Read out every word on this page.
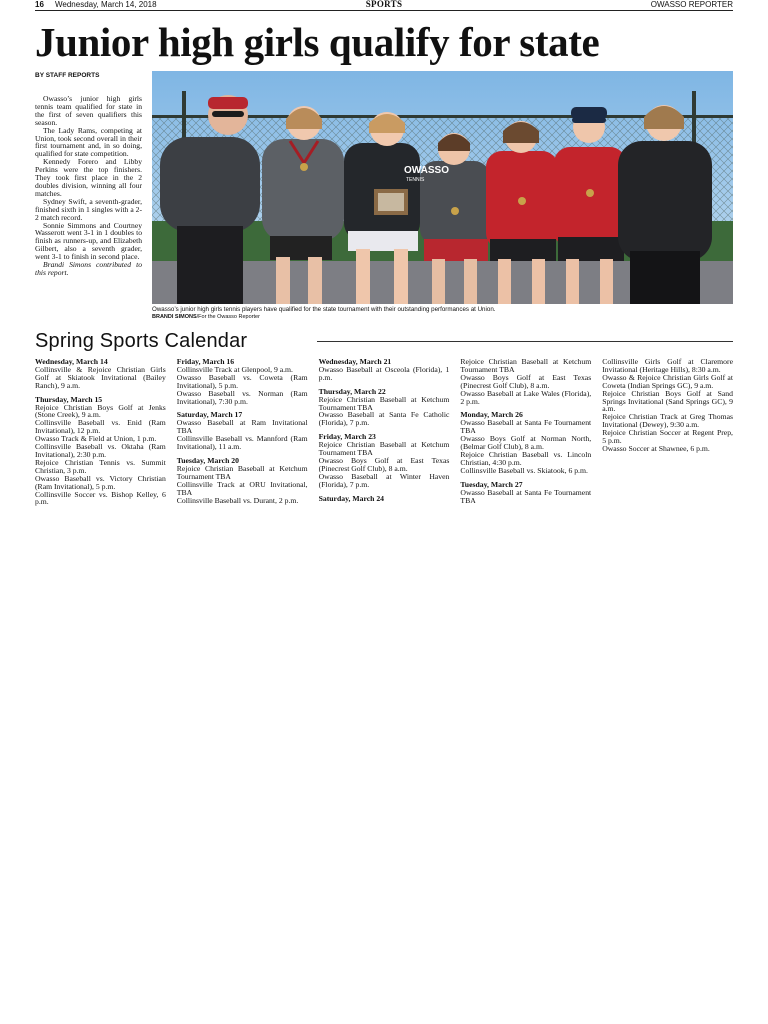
16 Wednesday, March 14, 2018	SPORTS	OWASSO REPORTER
Junior high girls qualify for state
BY STAFF REPORTS

Owasso’s junior high girls tennis team qualified for state in the first of seven qualifiers this season.

The Lady Rams, competing at Union, took second overall in their first tournament and, in so doing, qualified for state competition.

Kennedy Forero and Libby Perkins were the top finishers. They took first place in the 2 doubles division, winning all four matches.

Sydney Swift, a seventh-grader, finished sixth in 1 singles with a 2-2 match record.

Sonnie Simmons and Courtney Wasserott went 3-1 in 1 doubles to finish as runners-up, and Elizabeth Gilbert, also a seventh grader, went 3-1 to finish in second place.

Brandi Simons contributed to this report.

OWASSO
TENNIS
Owasso’s junior high girls tennis players have qualified for the state tournament with their outstanding performances at Union.
BRANDI SIMONS/For the Owasso Reporter
Spring Sports Calendar

Wednesday, March 14

Collinsville & Rejoice Christian Girls Golf at Skiatook Invitational (Bailey Ranch), 9 a.m.

Thursday, March 15

Rejoice Christian Boys Golf at Jenks (Stone Creek), 9 a.m.

Collinsville Baseball vs. Enid (Ram Invitational), 12 p.m.

Owasso Track & Field at Union, 1 p.m.

Collinsville Baseball vs. Oktaha (Ram Invitational), 2:30 p.m.

Rejoice Christian Tennis vs. Summit Christian, 3 p.m.

Owasso Baseball vs. Victory Christian (Ram Invitational), 5 p.m.

Collinsville Soccer vs. Bishop Kelley, 6 p.m.

Friday, March 16

Collinsville Track at Glenpool, 9 a.m.

Owasso Baseball vs. Coweta (Ram Invitational), 5 p.m.

Owasso Baseball vs. Norman (Ram Invitational), 7:30 p.m.

Saturday, March 17

Owasso Baseball at Ram Invitational TBA

Collinsville Baseball vs. Mannford (Ram Invitational), 11 a.m.

Tuesday, March 20

Rejoice Christian Baseball at Ketchum Tournament TBA

Collinsville Track at ORU Invitational, TBA

Collinsville Baseball vs. Durant, 2 p.m.

Wednesday, March 21

Owasso Baseball at Osceola (Florida), 1 p.m.

Thursday, March 22

Rejoice Christian Baseball at Ketchum Tournament TBA

Owasso Baseball at Santa Fe Catholic (Florida), 7 p.m.

Friday, March 23

Rejoice Christian Baseball at Ketchum Tournament TBA

Owasso Boys Golf at East Texas (Pinecrest Golf Club), 8 a.m.

Owasso Baseball at Winter Haven (Florida), 7 p.m.

Saturday, March 24

Rejoice Christian Baseball at Ketchum Tournament TBA

Owasso Boys Golf at East Texas (Pinecrest Golf Club), 8 a.m.

Owasso Baseball at Lake Wales (Florida), 2 p.m.

Monday, March 26

Owasso Baseball at Santa Fe Tournament TBA

Owasso Boys Golf at Norman North, (Belmar Golf Club), 8 a.m.

Rejoice Christian Baseball vs. Lincoln Christian, 4:30 p.m.

Collinsville Baseball vs. Skiatook, 6 p.m.

Tuesday, March 27

Owasso Baseball at Santa Fe Tournament TBA

Collinsville Girls Golf at Claremore Invitational (Heritage Hills), 8:30 a.m.

Owasso & Rejoice Christian Girls Golf at Coweta (Indian Springs GC), 9 a.m.

Rejoice Christian Boys Golf at Sand Springs Invitational (Sand Springs GC), 9 a.m.

Rejoice Christian Track at Greg Thomas Invitational (Dewey), 9:30 a.m.

Rejoice Christian Soccer at Regent Prep, 5 p.m.

Owasso Soccer at Shawnee, 6 p.m.
